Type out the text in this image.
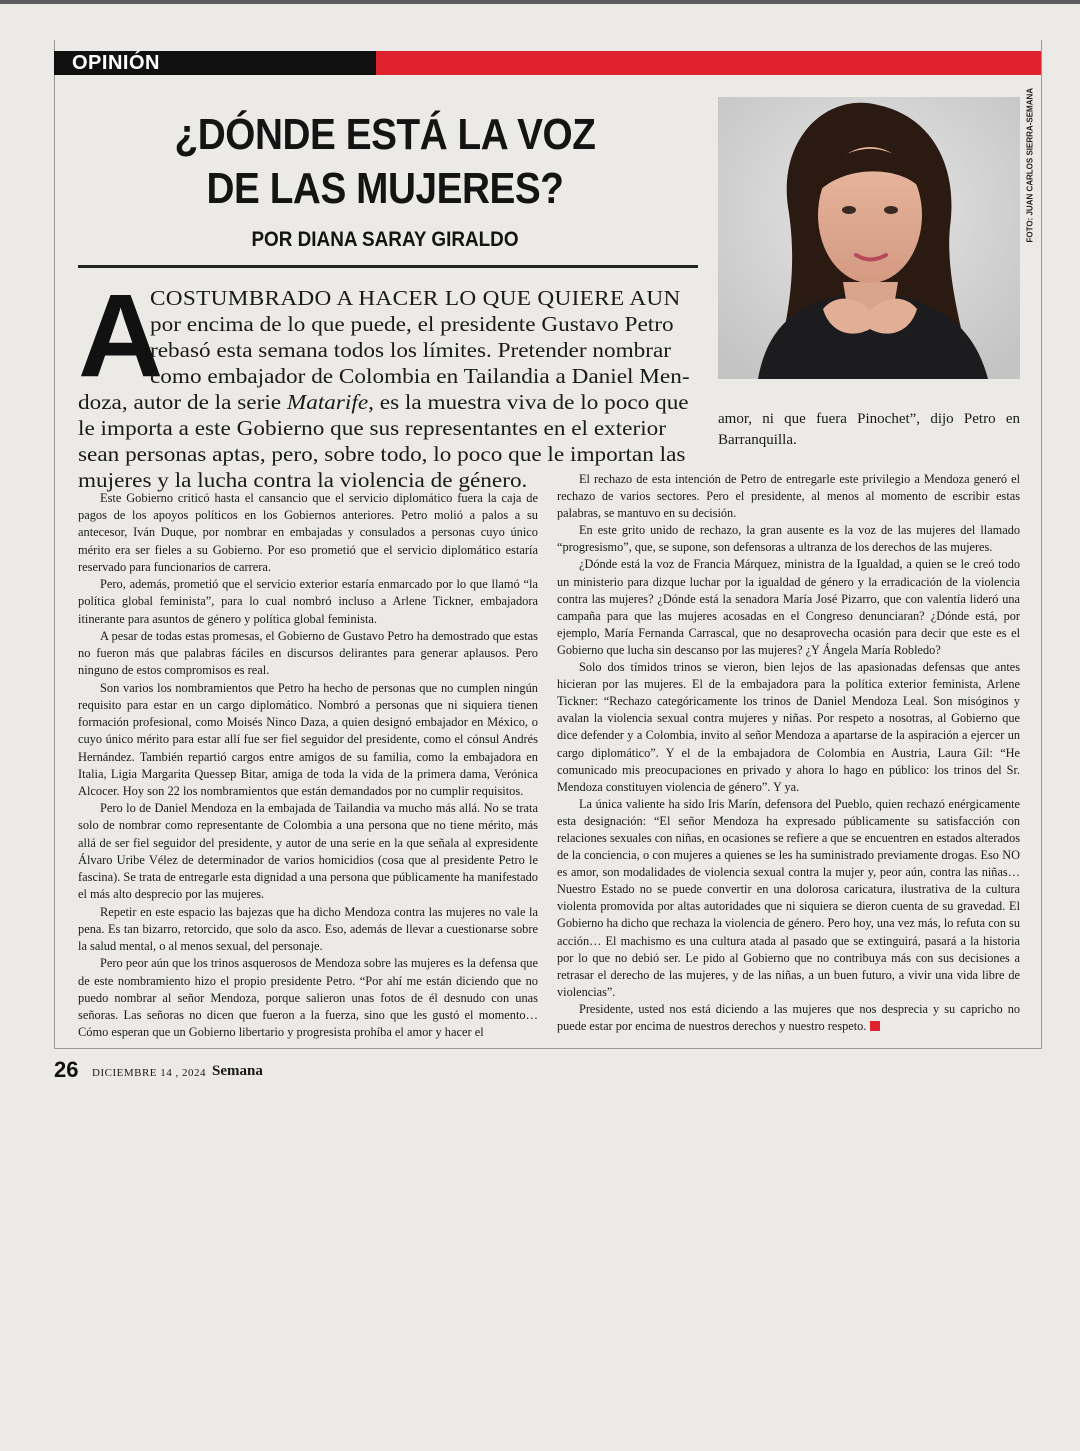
OPINIÓN
¿DÓNDE ESTÁ LA VOZ
DE LAS MUJERES?
POR DIANA SARAY GIRALDO	FOTO: JUAN CARLOS SIERRA-SEMANA
A
COSTUMBRADO A HACER LO QUE QUIERE AUN
por encima de lo que puede, el presidente Gustavo Petro
rebasó esta semana todos los límites. Pretender nombrar
como embajador de Colombia en Tailandia a Daniel Men-
doza, autor de la serie Matarife, es la muestra viva de lo poco que
le importa a este Gobierno que sus representantes en el exterior
sean personas aptas, pero, sobre todo, lo poco que le importan las
mujeres y la lucha contra la violencia de género.

Este Gobierno criticó hasta el cansancio que el servicio diplomático fuera la caja de pagos de los apoyos políticos en los Gobiernos anteriores. Petro molió a palos a su antecesor, Iván Duque, por nombrar en embajadas y consulados a personas cuyo único mérito era ser fieles a su Gobierno. Por eso prometió que el servicio diplomático estaría reservado para funcionarios de carrera.

Pero, además, prometió que el servicio exterior estaría enmarcado por lo que llamó “la política global feminista”, para lo cual nombró incluso a Arlene Tickner, embajadora itinerante para asuntos de género y política global feminista.

A pesar de todas estas promesas, el Gobierno de Gustavo Petro ha demostrado que estas no fueron más que palabras fáciles en discursos delirantes para generar aplausos. Pero ninguno de estos compromisos es real.

Son varios los nombramientos que Petro ha hecho de personas que no cumplen ningún requisito para estar en un cargo diplomático. Nombró a personas que ni siquiera tienen formación profesional, como Moisés Ninco Daza, a quien designó embajador en México, o cuyo único mérito para estar allí fue ser fiel seguidor del presidente, como el cónsul Andrés Hernández. También repartió cargos entre amigos de su familia, como la embajadora en Italia, Ligia Margarita Quessep Bitar, amiga de toda la vida de la primera dama, Verónica Alcocer. Hoy son 22 los nombramientos que están demandados por no cumplir requisitos.

Pero lo de Daniel Mendoza en la embajada de Tailandia va mucho más allá. No se trata solo de nombrar como representante de Colombia a una persona que no tiene mérito, más allá de ser fiel seguidor del presidente, y autor de una serie en la que señala al expresidente Álvaro Uribe Vélez de determinador de varios homicidios (cosa que al presidente Petro le fascina). Se trata de entregarle esta dignidad a una persona que públicamente ha manifestado el más alto desprecio por las mujeres.

Repetir en este espacio las bajezas que ha dicho Mendoza contra las mujeres no vale la pena. Es tan bizarro, retorcido, que solo da asco. Eso, además de llevar a cuestionarse sobre la salud mental, o al menos sexual, del personaje.

Pero peor aún que los trinos asquerosos de Mendoza sobre las mujeres es la defensa que de este nombramiento hizo el propio presidente Petro. “Por ahí me están diciendo que no puedo nombrar al señor Mendoza, porque salieron unas fotos de él desnudo con unas señoras. Las señoras no dicen que fueron a la fuerza, sino que les gustó el momento… Cómo esperan que un Gobierno libertario y progresista prohíba el amor y hacer el

amor, ni que fuera Pinochet”, dijo Petro en Barranquilla.

El rechazo de esta intención de Petro de entregarle este privilegio a Mendoza generó el rechazo de varios sectores. Pero el presidente, al menos al momento de escribir estas palabras, se mantuvo en su decisión.

En este grito unido de rechazo, la gran ausente es la voz de las mujeres del llamado “progresismo”, que, se supone, son defensoras a ultranza de los derechos de las mujeres.

¿Dónde está la voz de Francia Márquez, ministra de la Igualdad, a quien se le creó todo un ministerio para dizque luchar por la igualdad de género y la erradicación de la violencia contra las mujeres? ¿Dónde está la senadora María José Pizarro, que con valentía lideró una campaña para que las mujeres acosadas en el Congreso denunciaran? ¿Dónde está, por ejemplo, María Fernanda Carrascal, que no desaprovecha ocasión para decir que este es el Gobierno que lucha sin descanso por las mujeres? ¿Y Ángela María Robledo?

Solo dos tímidos trinos se vieron, bien lejos de las apasionadas defensas que antes hicieran por las mujeres. El de la embajadora para la política exterior feminista, Arlene Tickner: “Rechazo categóricamente los trinos de Daniel Mendoza Leal. Son misóginos y avalan la violencia sexual contra mujeres y niñas. Por respeto a nosotras, al Gobierno que dice defender y a Colombia, invito al señor Mendoza a apartarse de la aspiración a ejercer un cargo diplomático”. Y el de la embajadora de Colombia en Austria, Laura Gil: “He comunicado mis preocupaciones en privado y ahora lo hago en público: los trinos del Sr. Mendoza constituyen violencia de género”. Y ya.

La única valiente ha sido Iris Marín, defensora del Pueblo, quien rechazó enérgicamente esta designación: “El señor Mendoza ha expresado públicamente su satisfacción con relaciones sexuales con niñas, en ocasiones se refiere a que se encuentren en estados alterados de la conciencia, o con mujeres a quienes se les ha suministrado previamente drogas. Eso NO es amor, son modalidades de violencia sexual contra la mujer y, peor aún, contra las niñas… Nuestro Estado no se puede convertir en una dolorosa caricatura, ilustrativa de la cultura violenta promovida por altas autoridades que ni siquiera se dieron cuenta de su gravedad. El Gobierno ha dicho que rechaza la violencia de género. Pero hoy, una vez más, lo refuta con su acción… El machismo es una cultura atada al pasado que se extinguirá, pasará a la historia por lo que no debió ser. Le pido al Gobierno que no contribuya más con sus decisiones a retrasar el derecho de las mujeres, y de las niñas, a un buen futuro, a vivir una vida libre de violencias”.

Presidente, usted nos está diciendo a las mujeres que nos desprecia y su capricho no puede estar por encima de nuestros derechos y nuestro respeto.

26 DICIEMBRE 14 , 2024 Semana
